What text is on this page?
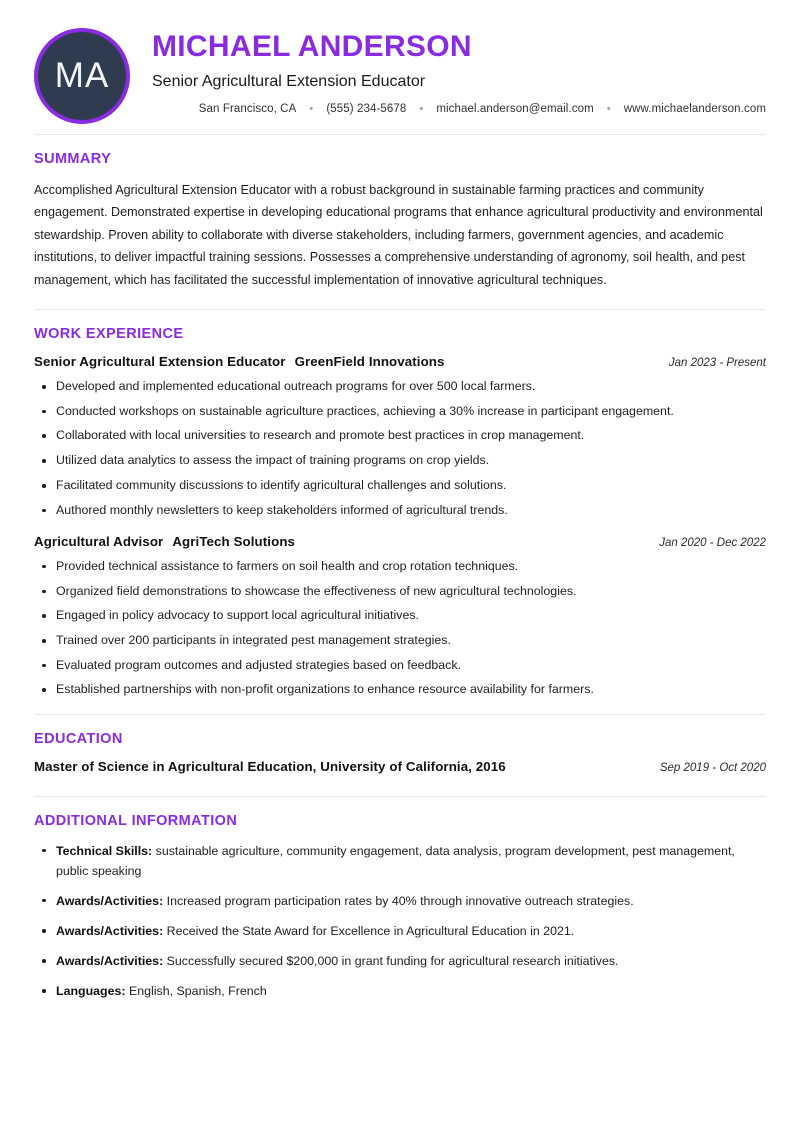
MA
MICHAEL ANDERSON
Senior Agricultural Extension Educator
San Francisco, CA	•	(555) 234-5678	•	michael.anderson@email.com	•	www.michaelanderson.com
SUMMARY

Accomplished Agricultural Extension Educator with a robust background in sustainable farming practices and community engagement. Demonstrated expertise in developing educational programs that enhance agricultural productivity and environmental stewardship. Proven ability to collaborate with diverse stakeholders, including farmers, government agencies, and academic institutions, to deliver impactful training sessions. Possesses a comprehensive understanding of agronomy, soil health, and pest management, which has facilitated the successful implementation of innovative agricultural techniques.

WORK EXPERIENCE
Senior Agricultural Extension Educator GreenField Innovations	Jan 2023 - Present
Developed and implemented educational outreach programs for over 500 local farmers.
Conducted workshops on sustainable agriculture practices, achieving a 30% increase in participant engagement.
Collaborated with local universities to research and promote best practices in crop management.
Utilized data analytics to assess the impact of training programs on crop yields.
Facilitated community discussions to identify agricultural challenges and solutions.
Authored monthly newsletters to keep stakeholders informed of agricultural trends.
Agricultural Advisor AgriTech Solutions	Jan 2020 - Dec 2022
Provided technical assistance to farmers on soil health and crop rotation techniques.
Organized field demonstrations to showcase the effectiveness of new agricultural technologies.
Engaged in policy advocacy to support local agricultural initiatives.
Trained over 200 participants in integrated pest management strategies.
Evaluated program outcomes and adjusted strategies based on feedback.
Established partnerships with non-profit organizations to enhance resource availability for farmers.
EDUCATION
Master of Science in Agricultural Education, University of California, 2016	Sep 2019 - Oct 2020
ADDITIONAL INFORMATION
Technical Skills: sustainable agriculture, community engagement, data analysis, program development, pest management, public speaking
Awards/Activities: Increased program participation rates by 40% through innovative outreach strategies.
Awards/Activities: Received the State Award for Excellence in Agricultural Education in 2021.
Awards/Activities: Successfully secured $200,000 in grant funding for agricultural research initiatives.
Languages: English, Spanish, French
